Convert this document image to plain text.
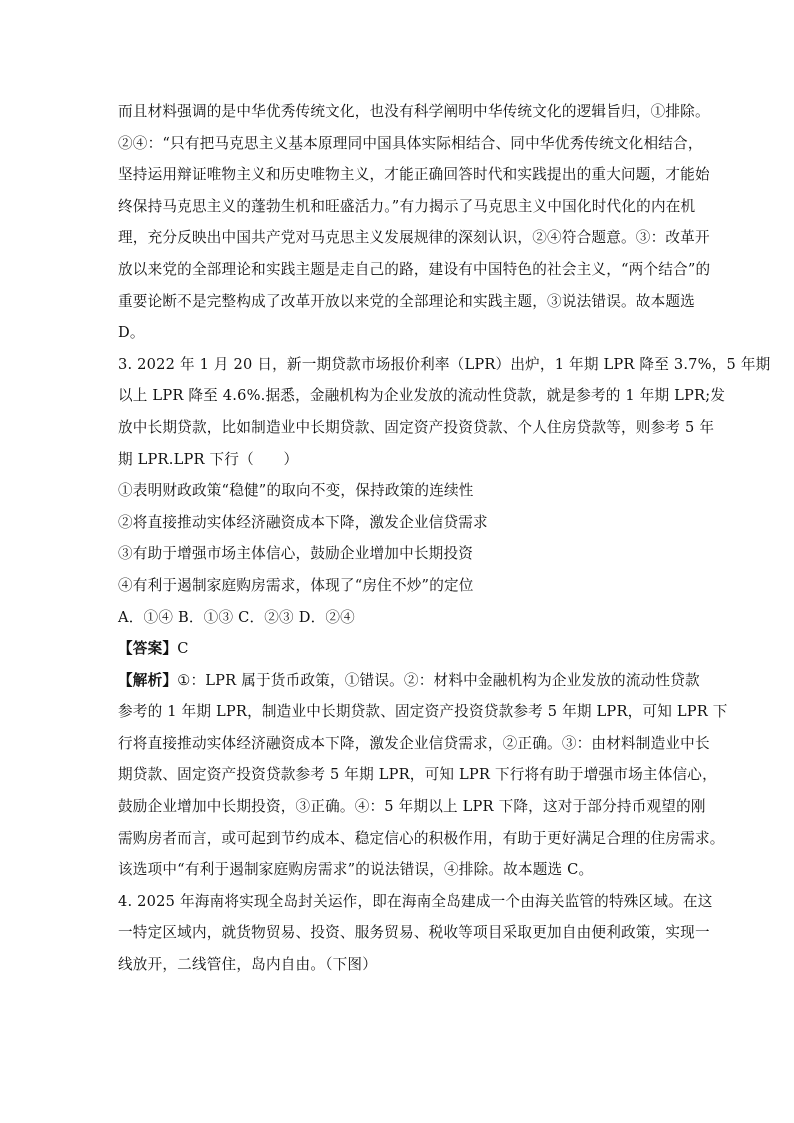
而且材料强调的是中华优秀传统文化，也没有科学阐明中华传统文化的逻辑旨归，①排除。
②④：“只有把马克思主义基本原理同中国具体实际相结合、同中华优秀传统文化相结合，
坚持运用辩证唯物主义和历史唯物主义，才能正确回答时代和实践提出的重大问题，才能始
终保持马克思主义的蓬勃生机和旺盛活力。”有力揭示了马克思主义中国化时代化的内在机
理，充分反映出中国共产党对马克思主义发展规律的深刻认识，②④符合题意。③：改革开
放以来党的全部理论和实践主题是走自己的路，建设有中国特色的社会主义，“两个结合”的
重要论断不是完整构成了改革开放以来党的全部理论和实践主题，③说法错误。故本题选
D。
3. 2022 年 1 月 20 日，新一期贷款市场报价利率（LPR）出炉，1 年期 LPR 降至 3.7%，5 年期
以上 LPR 降至 4.6%.据悉，金融机构为企业发放的流动性贷款，就是参考的 1 年期 LPR;发
放中长期贷款，比如制造业中长期贷款、固定资产投资贷款、个人住房贷款等，则参考 5 年
期 LPR.LPR 下行（　　）
①表明财政政策“稳健”的取向不变，保持政策的连续性
②将直接推动实体经济融资成本下降，激发企业信贷需求
③有助于增强市场主体信心，鼓励企业增加中长期投资
④有利于遏制家庭购房需求，体现了“房住不炒”的定位
A．①④ B．①③ C．②③ D．②④
【答案】C
【解析】①：LPR 属于货币政策，①错误。②：材料中金融机构为企业发放的流动性贷款
参考的 1 年期 LPR，制造业中长期贷款、固定资产投资贷款参考 5 年期 LPR，可知 LPR 下
行将直接推动实体经济融资成本下降，激发企业信贷需求，②正确。③：由材料制造业中长
期贷款、固定资产投资贷款参考 5 年期 LPR，可知 LPR 下行将有助于增强市场主体信心，
鼓励企业增加中长期投资，③正确。④：5 年期以上 LPR 下降，这对于部分持币观望的刚
需购房者而言，或可起到节约成本、稳定信心的积极作用，有助于更好满足合理的住房需求。
该选项中“有利于遏制家庭购房需求”的说法错误，④排除。故本题选 C。
4. 2025 年海南将实现全岛封关运作，即在海南全岛建成一个由海关监管的特殊区域。在这
一特定区域内，就货物贸易、投资、服务贸易、税收等项目采取更加自由便利政策，实现一
线放开，二线管住，岛内自由。（下图）
